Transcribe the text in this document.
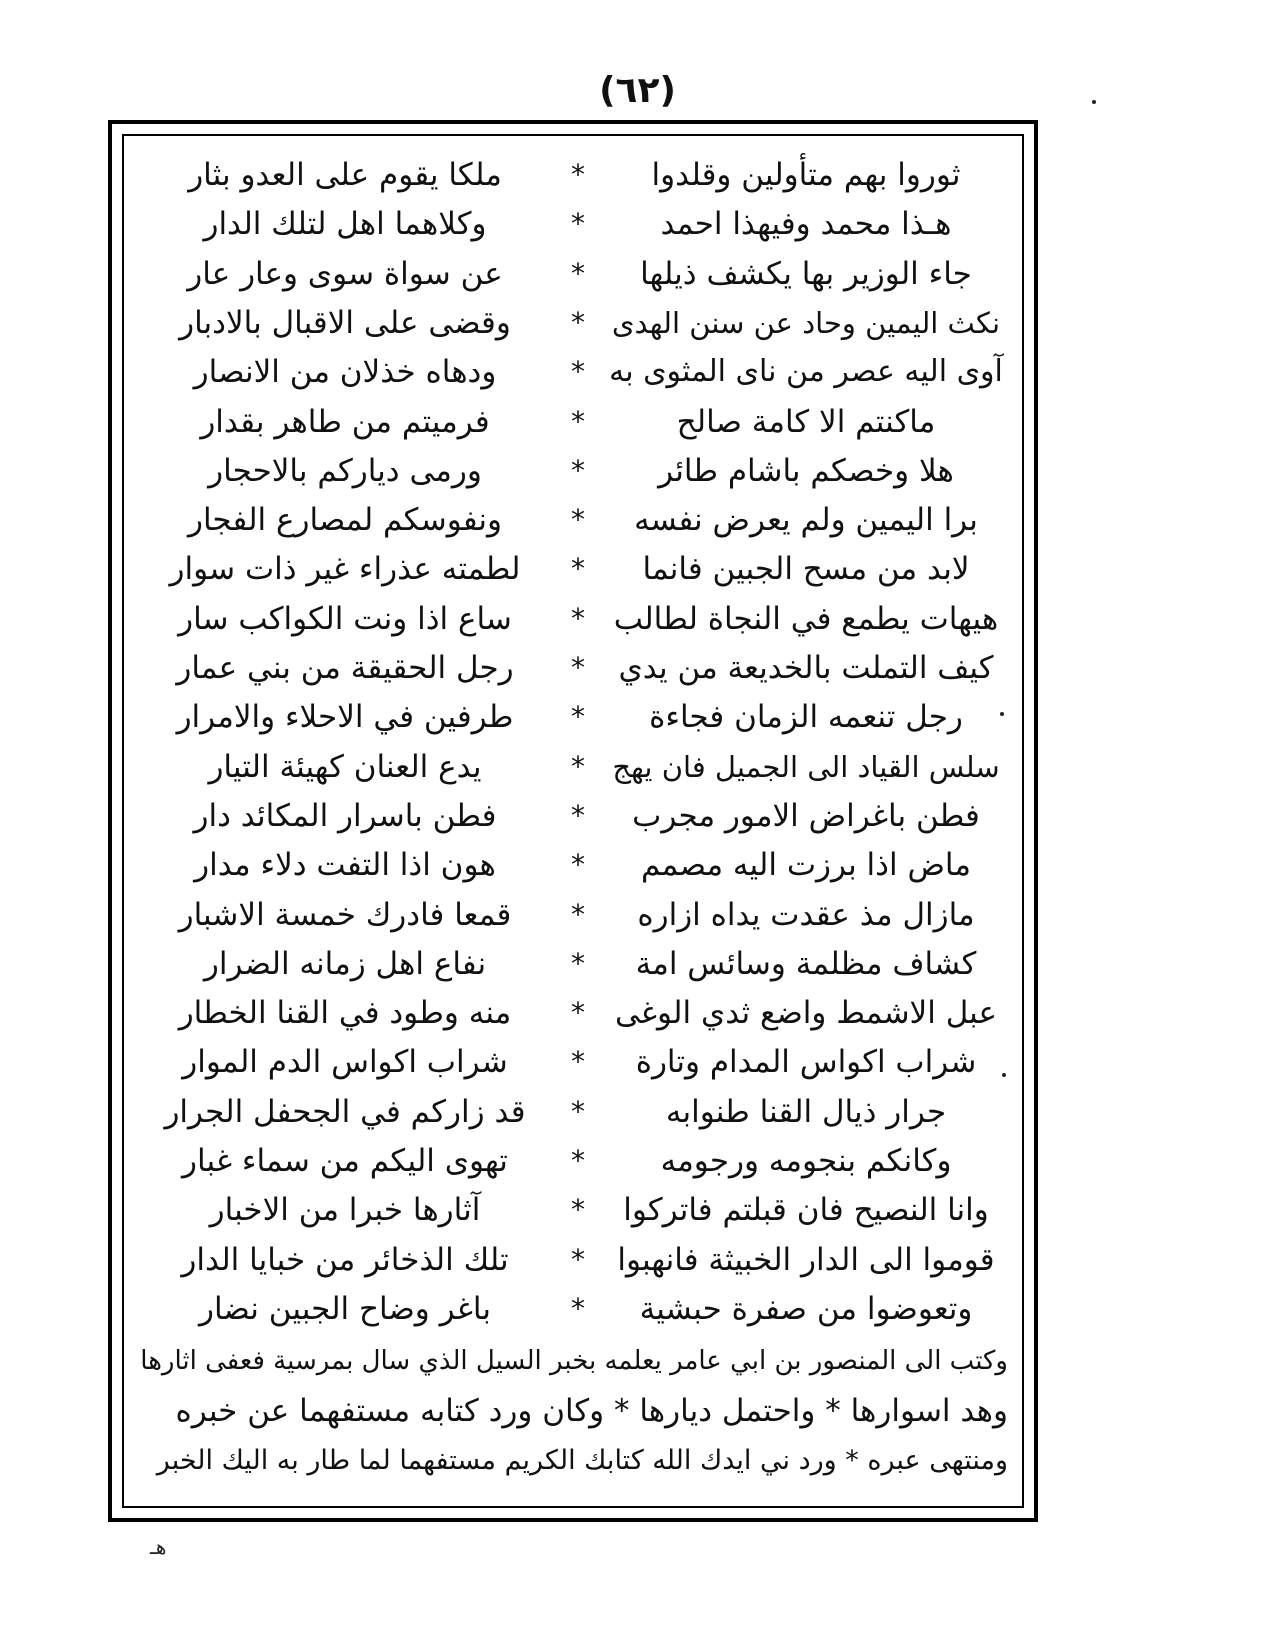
(٦٢)
ثوروا بهم متأولين وقلدوا
*
ملكا يقوم على العدو بثار
هـذا محمد وفيهذا احمد
*
وكلاهما اهل لتلك الدار
جاء الوزير بها يكشف ذيلها
*
عن سواة سوى وعار عار
نكث اليمين وحاد عن سنن الهدى
*
وقضى على الاقبال بالادبار
آوى اليه عصر من ناى المثوى به
*
ودهاه خذلان من الانصار
ماكنتم الا كامة صالح
*
فرميتم من طاهر بقدار
هلا وخصكم باشام طائر
*
ورمى دياركم بالاحجار
برا اليمين ولم يعرض نفسه
*
ونفوسكم لمصارع الفجار
لابد من مسح الجبين فانما
*
لطمته عذراء غير ذات سوار
هيهات يطمع في النجاة لطالب
*
ساع اذا ونت الكواكب سار
كيف التملت بالخديعة من يدي
*
رجل الحقيقة من بني عمار
رجل تنعمه الزمان فجاءة
*
طرفين في الاحلاء والامرار
سلس القياد الى الجميل فان يهج
*
يدع العنان كهيئة التيار
فطن باغراض الامور مجرب
*
فطن باسرار المكائد دار
ماض اذا برزت اليه مصمم
*
هون اذا التفت دلاء مدار
مازال مذ عقدت يداه ازاره
*
قمعا فادرك خمسة الاشبار
كشاف مظلمة وسائس امة
*
نفاع اهل زمانه الضرار
عبل الاشمط واضع ثدي الوغى
*
منه وطود في القنا الخطار
شراب اكواس المدام وتارة
*
شراب اكواس الدم الموار
جرار ذيال القنا طنوابه
*
قد زاركم في الجحفل الجرار
وكانكم بنجومه ورجومه
*
تهوى اليكم من سماء غبار
وانا النصيح فان قبلتم فاتركوا
*
آثارها خبرا من الاخبار
قوموا الى الدار الخبيثة فانهبوا
*
تلك الذخائر من خبايا الدار
وتعوضوا من صفرة حبشية
*
باغر وضاح الجبين نضار
وكتب الى المنصور بن ابي عامر يعلمه بخبر السيل الذي سال بمرسية فعفى اثارها
وهد اسوارها * واحتمل ديارها * وكان ورد كتابه مستفهما عن خبره
ومنتهى عبره * ورد ني ايدك الله كتابك الكريم مستفهما لما طار به اليك الخبر
هـ
